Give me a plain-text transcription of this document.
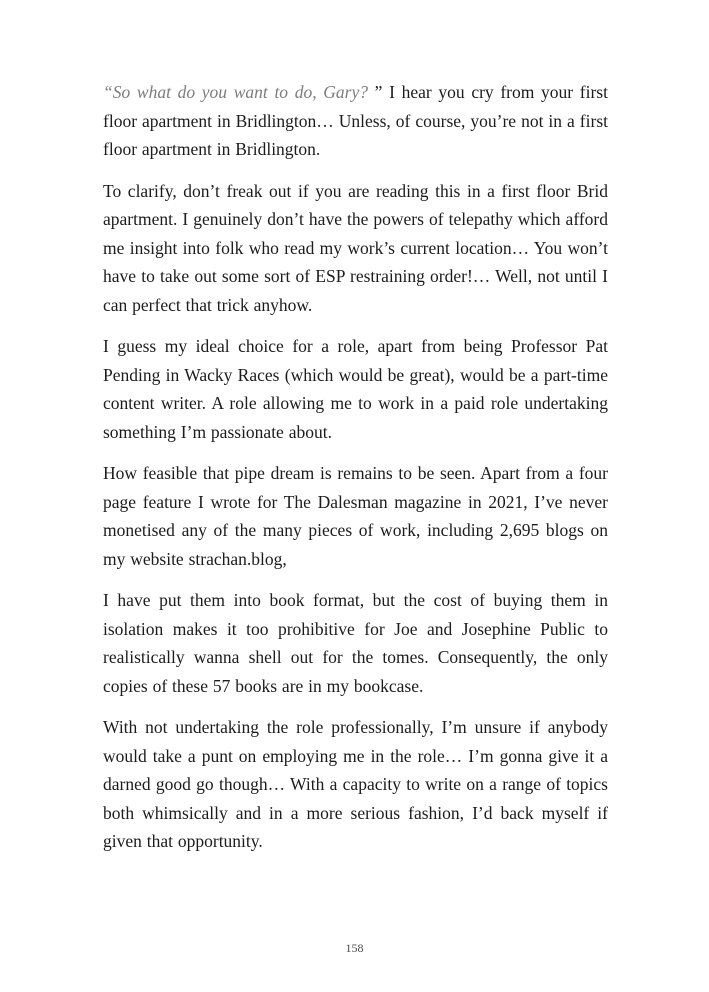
“So what do you want to do, Gary? ” I hear you cry from your first floor apartment in Bridlington… Unless, of course, you’re not in a first floor apartment in Bridlington.

To clarify, don’t freak out if you are reading this in a first floor Brid apartment. I genuinely don’t have the powers of telepathy which afford me insight into folk who read my work’s current location… You won’t have to take out some sort of ESP restraining order!… Well, not until I can perfect that trick anyhow.

I guess my ideal choice for a role, apart from being Professor Pat Pending in Wacky Races (which would be great), would be a part-time content writer. A role allowing me to work in a paid role undertaking something I’m passionate about.

How feasible that pipe dream is remains to be seen. Apart from a four page feature I wrote for The Dalesman magazine in 2021, I’ve never monetised any of the many pieces of work, including 2,695 blogs on my website strachan.blog,

I have put them into book format, but the cost of buying them in isolation makes it too prohibitive for Joe and Josephine Public to realistically wanna shell out for the tomes. Consequently, the only copies of these 57 books are in my bookcase.

With not undertaking the role professionally, I’m unsure if anybody would take a punt on employing me in the role… I’m gonna give it a darned good go though… With a capacity to write on a range of topics both whimsically and in a more serious fashion, I’d back myself if given that opportunity.

158
